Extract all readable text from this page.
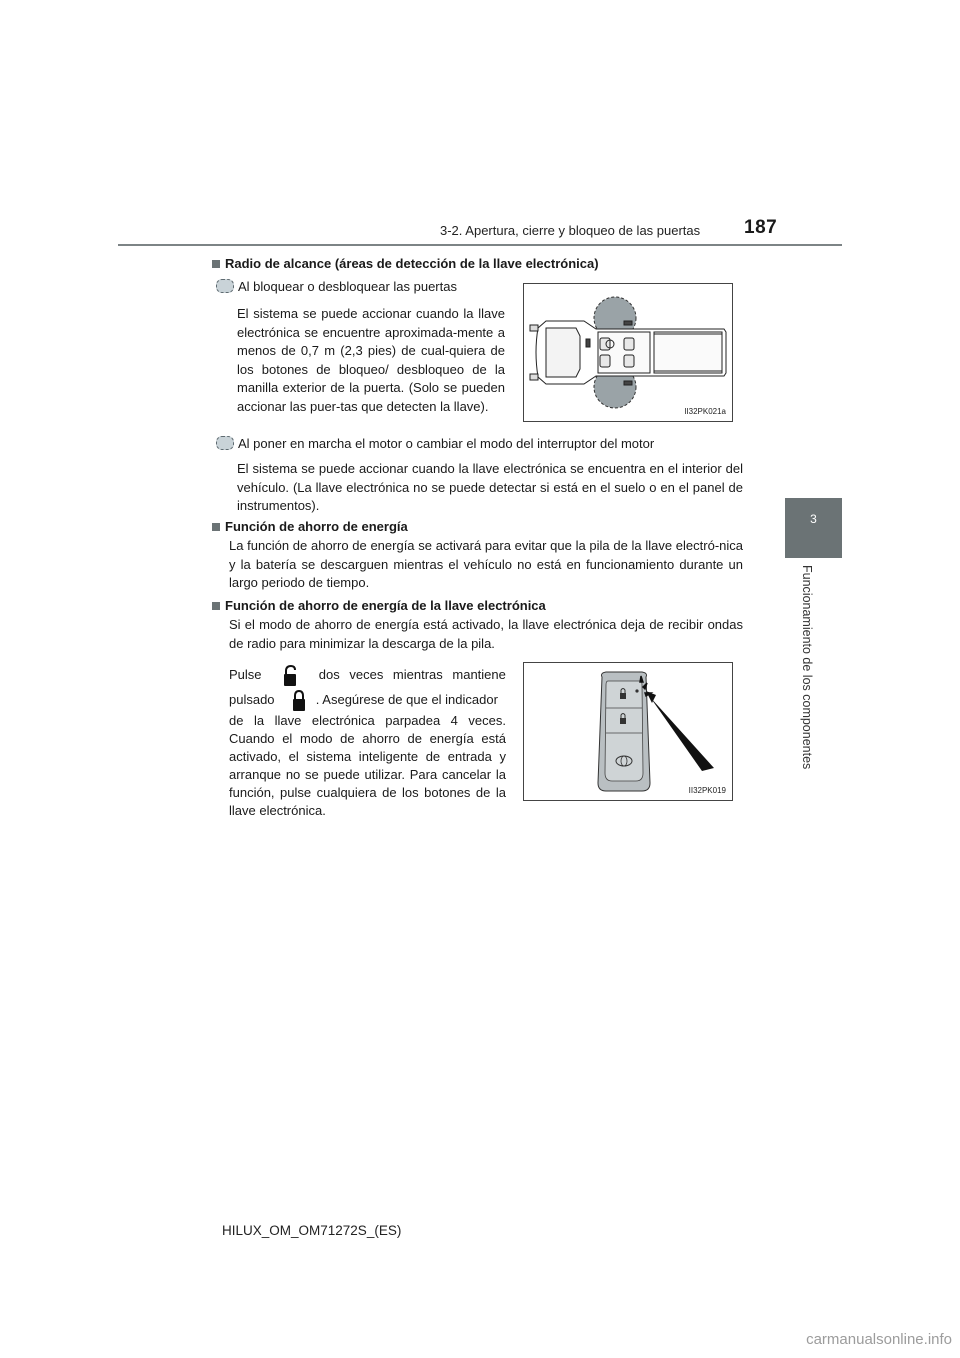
3-2. Apertura, cierre y bloqueo de las puertas 187
3
Funcionamiento de los componentes
Radio de alcance (áreas de detección de la llave electrónica)
Al bloquear o desbloquear las puertas
El sistema se puede accionar cuando la llave electrónica se encuentre aproximada-mente a menos de 0,7 m (2,3 pies) de cual-quiera de los botones de bloqueo/ desbloqueo de la manilla exterior de la puerta. (Solo se pueden accionar las puer-tas que detecten la llave).	II32PK021a
Al poner en marcha el motor o cambiar el modo del interruptor del motor
El sistema se puede accionar cuando la llave electrónica se encuentra en el interior del vehículo. (La llave electrónica no se puede detectar si está en el suelo o en el panel de instrumentos).
Función de ahorro de energía
La función de ahorro de energía se activará para evitar que la pila de la llave electró-nica y la batería se descarguen mientras el vehículo no está en funcionamiento durante un largo periodo de tiempo.
Función de ahorro de energía de la llave electrónica
Si el modo de ahorro de energía está activado, la llave electrónica deja de recibir ondas de radio para minimizar la descarga de la pila.
Pulse	dos veces mientras mantiene
pulsado	. Asegúrese de que el indicador
de la llave electrónica parpadea 4 veces. Cuando el modo de ahorro de energía está activado, el sistema inteligente de entrada y arranque no se puede utilizar. Para cancelar la función, pulse cualquiera de los botones de la llave electrónica.
II32PK019
HILUX_OM_OM71272S_(ES)
carmanualsonline.info
